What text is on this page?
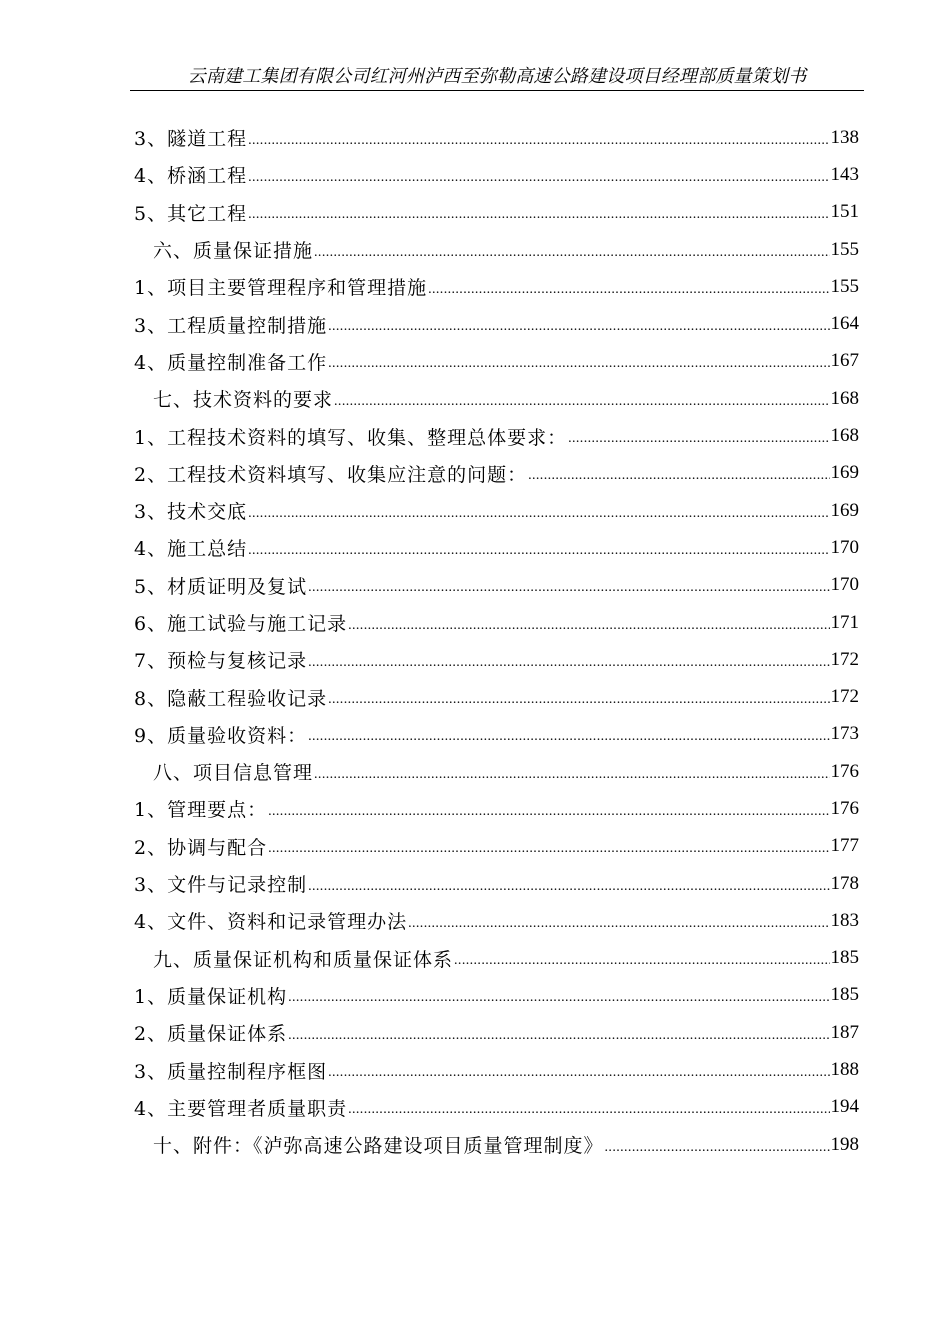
云南建工集团有限公司红河州泸西至弥勒高速公路建设项目经理部质量策划书
3、隧道工程 .....	138
4、桥涵工程 .....	143
5、其它工程 .....	151
六、质量保证措施 .....	155
1、项目主要管理程序和管理措施 .....	155
3、工程质量控制措施 .....	164
4、质量控制准备工作 .....	167
七、技术资料的要求 .....	168
1、工程技术资料的填写、收集、整理总体要求： .....	168
2、工程技术资料填写、收集应注意的问题： .....	169
3、技术交底 .....	169
4、施工总结 .....	170
5、材质证明及复试 .....	170
6、施工试验与施工记录 .....	171
7、预检与复核记录 .....	172
8、隐蔽工程验收记录 .....	172
9、质量验收资料： .....	173
八、项目信息管理 .....	176
1、管理要点： .....	176
2、协调与配合 .....	177
3、文件与记录控制 .....	178
4、文件、资料和记录管理办法 .....	183
九、质量保证机构和质量保证体系 .....	185
1、质量保证机构 .....	185
2、质量保证体系 .....	187
3、质量控制程序框图 .....	188
4、主要管理者质量职责 .....	194
十、附件：《泸弥高速公路建设项目质量管理制度》 .....	198
